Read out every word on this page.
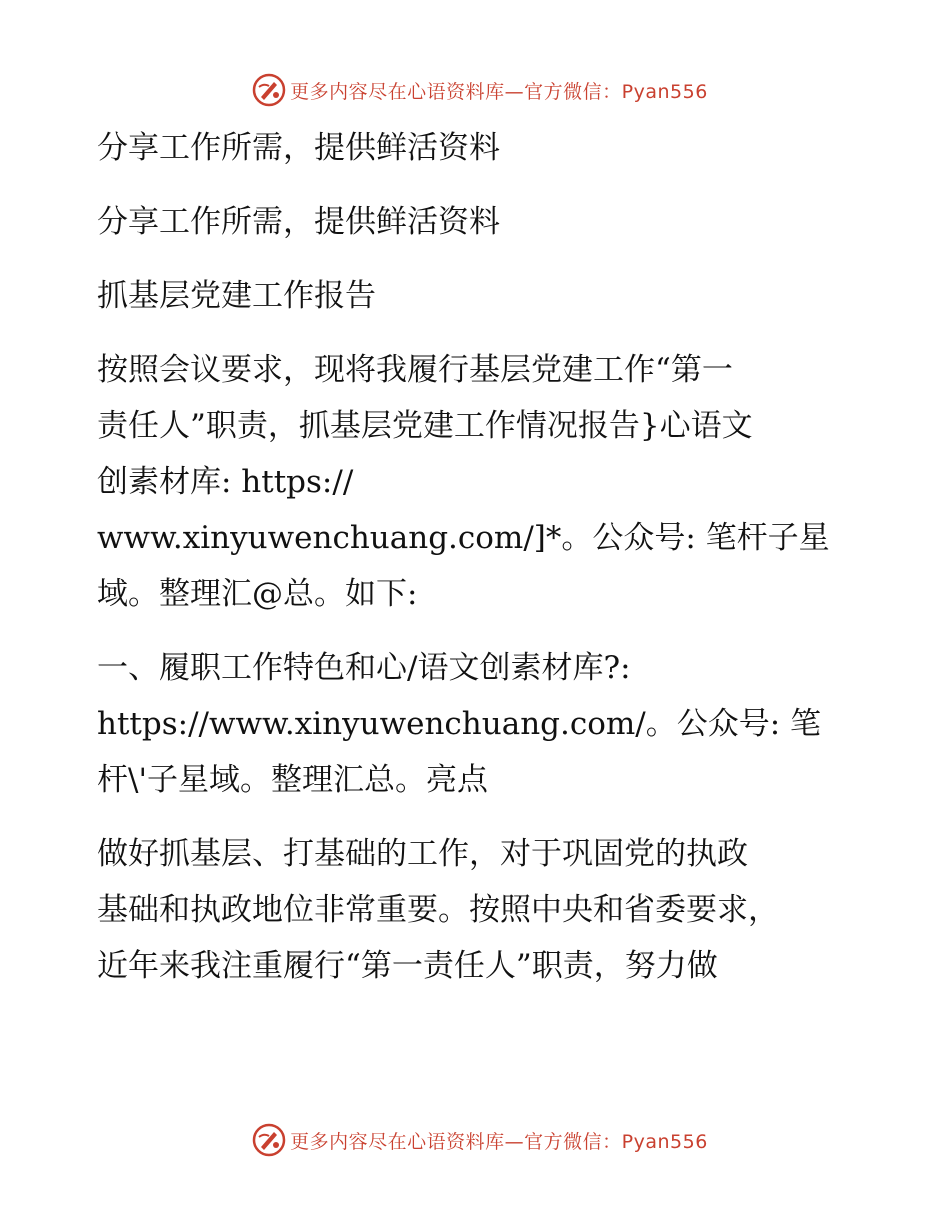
更多内容尽在心语资料库—官方微信：Pyan556

分享工作所需，提供鲜活资料

分享工作所需，提供鲜活资料

抓基层党建工作报告

按照会议要求，现将我履行基层党建工作“第一

责任人”职责，抓基层党建工作情况报告}心语文

创素材库: https://

www.xinyuwenchuang.com/]*。公众号: 笔杆子星

域。整理汇@总。如下:

一、履职工作特色和心/语文创素材库?:

https://www.xinyuwenchuang.com/。公众号: 笔

杆\'子星域。整理汇总。亮点

做好抓基层、打基础的工作，对于巩固党的执政

基础和执政地位非常重要。按照中央和省委要求，

近年来我注重履行“第一责任人”职责，努力做

更多内容尽在心语资料库—官方微信：Pyan556
